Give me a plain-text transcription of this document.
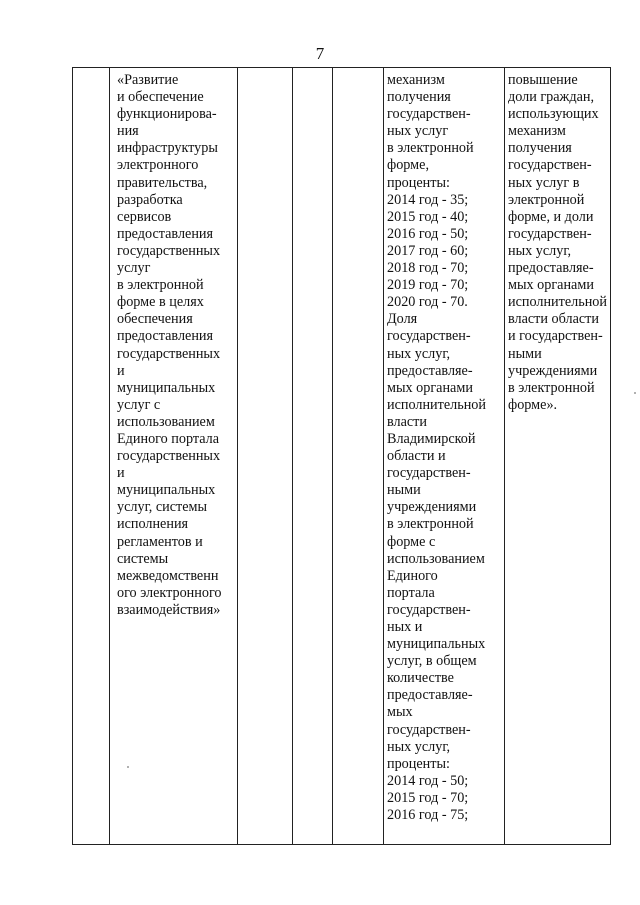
7
«Развитие
и обеспечение
функционирова-
ния
инфраструктуры
электронного
правительства,
разработка
сервисов
предоставления
государственных
услуг
в электронной
форме в целях
обеспечения
предоставления
государственных
и
муниципальных
услуг с
использованием
Единого портала
государственных
и
муниципальных
услуг, системы
исполнения
регламентов и
системы
межведомственн
ого электронного
взаимодействия»
механизм
получения
государствен-
ных услуг
в электронной
форме,
проценты:
2014 год - 35;
2015 год - 40;
2016 год - 50;
2017 год - 60;
2018 год - 70;
2019 год - 70;
2020 год - 70.
Доля
государствен-
ных услуг,
предоставляе-
мых органами
исполнительной
власти
Владимирской
области и
государствен-
ными
учреждениями
в электронной
форме с
использованием
Единого
портала
государствен-
ных и
муниципальных
услуг, в общем
количестве
предоставляе-
мых
государствен-
ных услуг,
проценты:
2014 год - 50;
2015 год - 70;
2016 год - 75;
повышение
доли граждан,
использующих
механизм
получения
государствен-
ных услуг в
электронной
форме, и доли
государствен-
ных услуг,
предоставляе-
мых органами
исполнительной
власти области
и государствен-
ными
учреждениями
в электронной
форме».
